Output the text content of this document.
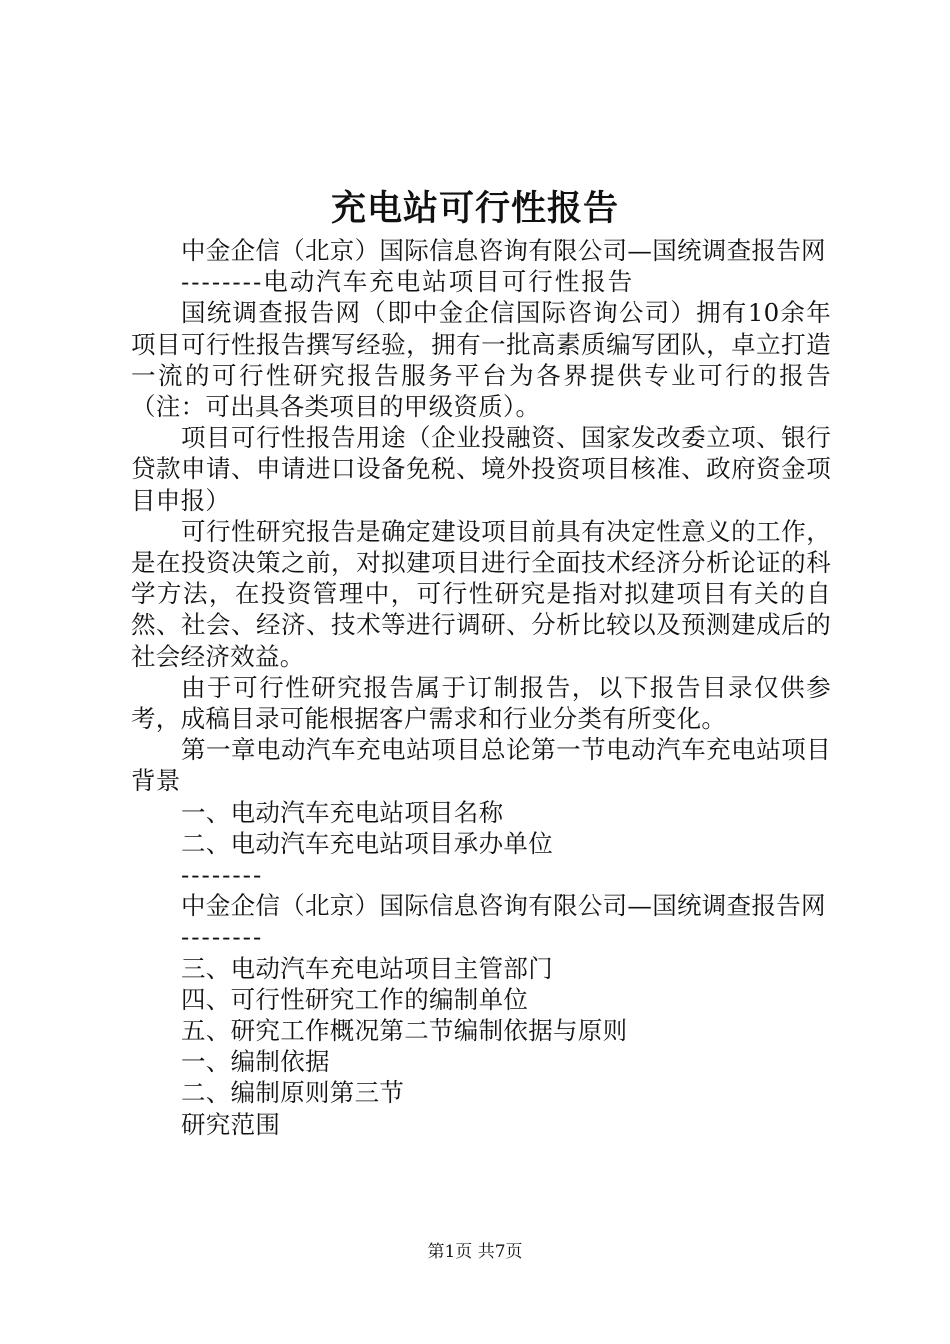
充电站可行性报告

中金企信（北京）国际信息咨询有限公司—国统调查报告网

--------电动汽车充电站项目可行性报告

国统调查报告网（即中金企信国际咨询公司）拥有10余年项目可行性报告撰写经验，拥有一批高素质编写团队，卓立打造一流的可行性研究报告服务平台为各界提供专业可行的报告（注：可出具各类项目的甲级资质）。

项目可行性报告用途（企业投融资、国家发改委立项、银行贷款申请、申请进口设备免税、境外投资项目核准、政府资金项目申报）

可行性研究报告是确定建设项目前具有决定性意义的工作，是在投资决策之前，对拟建项目进行全面技术经济分析论证的科学方法，在投资管理中，可行性研究是指对拟建项目有关的自然、社会、经济、技术等进行调研、分析比较以及预测建成后的社会经济效益。

由于可行性研究报告属于订制报告，以下报告目录仅供参考，成稿目录可能根据客户需求和行业分类有所变化。

第一章电动汽车充电站项目总论第一节电动汽车充电站项目背景

一、电动汽车充电站项目名称

二、电动汽车充电站项目承办单位

--------

中金企信（北京）国际信息咨询有限公司—国统调查报告网

--------

三、电动汽车充电站项目主管部门

四、可行性研究工作的编制单位

五、研究工作概况第二节编制依据与原则

一、编制依据

二、编制原则第三节

研究范围

第1页 共7页
